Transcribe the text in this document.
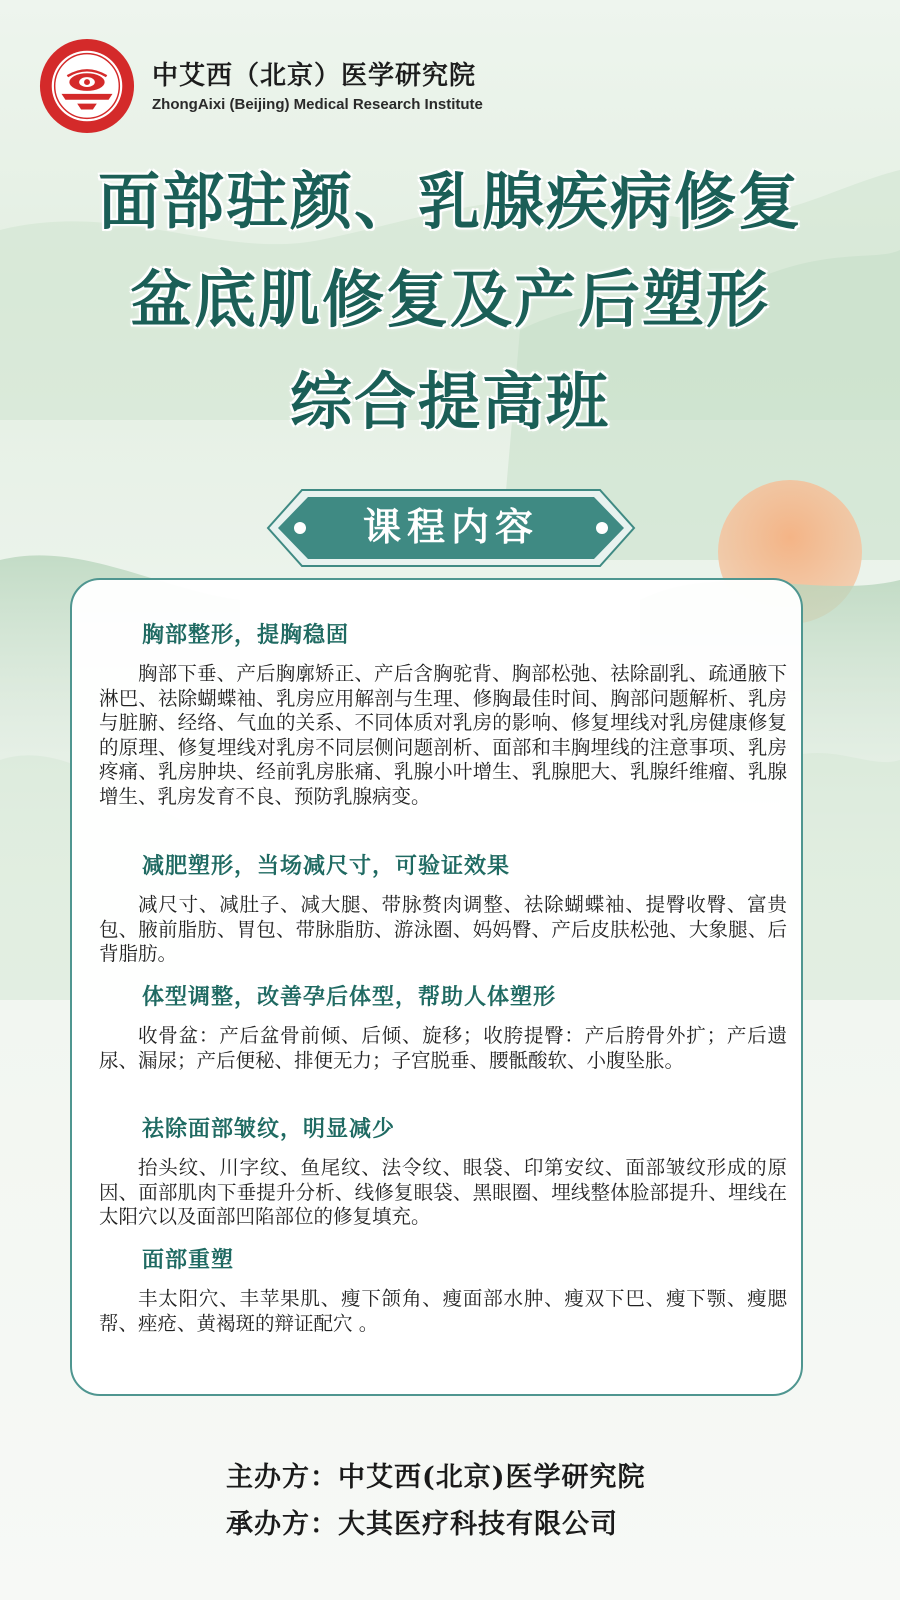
中艾西（北京）医学研究院
ZhongAixi (Beijing) Medical Research Institute
面部驻颜、乳腺疾病修复
盆底肌修复及产后塑形
综合提高班
课程内容
胸部整形，提胸稳固
胸部下垂、产后胸廓矫正、产后含胸驼背、胸部松弛、祛除副乳、疏通腋下淋巴、祛除蝴蝶袖、乳房应用解剖与生理、修胸最佳时间、胸部问题解析、乳房与脏腑、经络、气血的关系、不同体质对乳房的影响、修复埋线对乳房健康修复的原理、修复埋线对乳房不同层侧问题剖析、面部和丰胸埋线的注意事项、乳房疼痛、乳房肿块、经前乳房胀痛、乳腺小叶增生、乳腺肥大、乳腺纤维瘤、乳腺增生、乳房发育不良、预防乳腺病变。
减肥塑形，当场减尺寸，可验证效果
减尺寸、减肚子、减大腿、带脉赘肉调整、祛除蝴蝶袖、提臀收臀、富贵包、腋前脂肪、胃包、带脉脂肪、游泳圈、妈妈臀、产后皮肤松弛、大象腿、后背脂肪。
体型调整，改善孕后体型，帮助人体塑形
收骨盆：产后盆骨前倾、后倾、旋移；收胯提臀：产后胯骨外扩；产后遗尿、漏尿；产后便秘、排便无力；子宫脱垂、腰骶酸软、小腹坠胀。
祛除面部皱纹，明显减少
抬头纹、川字纹、鱼尾纹、法令纹、眼袋、印第安纹、面部皱纹形成的原因、面部肌肉下垂提升分析、线修复眼袋、黑眼圈、埋线整体脸部提升、埋线在太阳穴以及面部凹陷部位的修复填充。
面部重塑
丰太阳穴、丰苹果肌、瘦下颌角、瘦面部水肿、瘦双下巴、瘦下颚、瘦腮帮、痤疮、黄褐斑的辩证配穴 。
主办方：中艾西(北京)医学研究院
承办方：大其医疗科技有限公司
